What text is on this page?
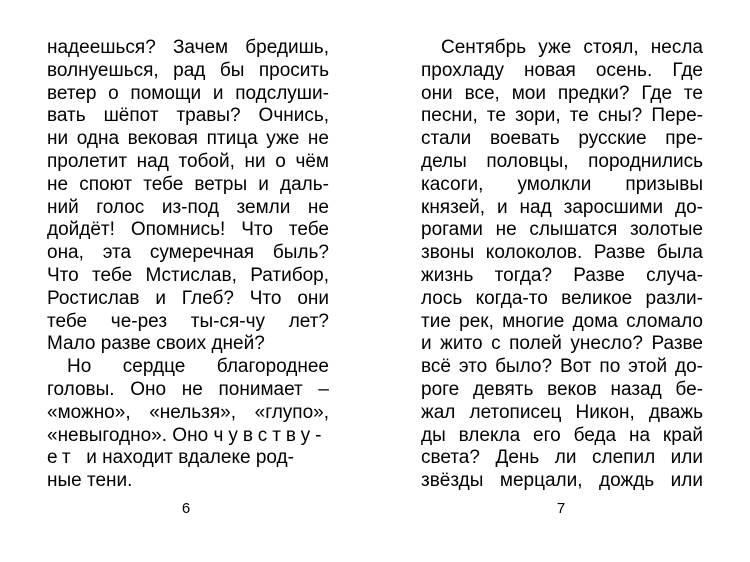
надеешься? Зачем бредишь,
волнуешься, рад бы просить
ветер о помощи и подслуши-
вать шёпот травы? Очнись,
ни одна вековая птица уже не
пролетит над тобой, ни о чём
не споют тебе ветры и даль-
ний голос из-под земли не
дойдёт! Опомнись! Что тебе
она, эта сумеречная быль?
Что тебе Мстислав, Ратибор,
Ростислав и Глеб? Что они
тебе че-рез ты-ся-чу лет?
Мало разве своих дней?
Но сердце благороднее
головы. Оно не понимает –
«можно», «нельзя», «глупо»,
«невыгодно». Оно чувству-
ет и находит вдалеке род-
ные тени.
Сентябрь уже стоял, несла
прохладу новая осень. Где
они все, мои предки? Где те
песни, те зори, те сны? Пере-
стали воевать русские пре-
делы половцы, породнились
касоги, умолкли призывы
князей, и над заросшими до-
рогами не слышатся золотые
звоны колоколов. Разве была
жизнь тогда? Разве случа-
лось когда-то великое разли-
тие рек, многие дома сломало
и жито с полей унесло? Разве
всё это было? Вот по этой до-
роге девять веков назад бе-
жал летописец Никон, дважь
ды влекла его беда на край
света? День ли слепил или
звёзды мерцали, дождь или
6	7
